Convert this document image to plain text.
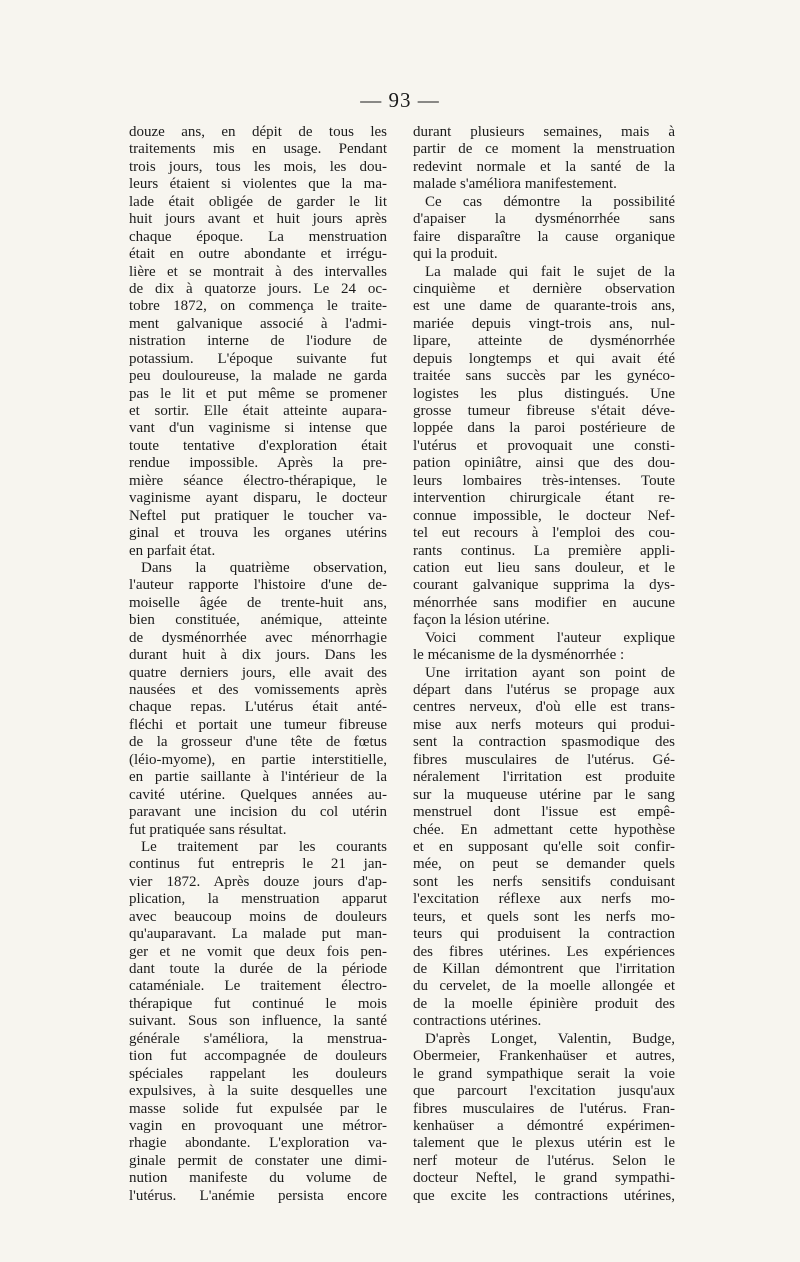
— 93 —
douze ans, en dépit de tous les
traitements mis en usage. Pendant
trois jours, tous les mois, les dou-
leurs étaient si violentes que la ma-
lade était obligée de garder le lit
huit jours avant et huit jours après
chaque époque. La menstruation
était en outre abondante et irrégu-
lière et se montrait à des intervalles
de dix à quatorze jours. Le 24 oc-
tobre 1872, on commença le traite-
ment galvanique associé à l'admi-
nistration interne de l'iodure de
potassium. L'époque suivante fut
peu douloureuse, la malade ne garda
pas le lit et put même se promener
et sortir. Elle était atteinte aupara-
vant d'un vaginisme si intense que
toute tentative d'exploration était
rendue impossible. Après la pre-
mière séance électro-thérapique, le
vaginisme ayant disparu, le docteur
Neftel put pratiquer le toucher va-
ginal et trouva les organes utérins
en parfait état.
Dans la quatrième observation,
l'auteur rapporte l'histoire d'une de-
moiselle âgée de trente-huit ans,
bien constituée, anémique, atteinte
de dysménorrhée avec ménorrhagie
durant huit à dix jours. Dans les
quatre derniers jours, elle avait des
nausées et des vomissements après
chaque repas. L'utérus était anté-
fléchi et portait une tumeur fibreuse
de la grosseur d'une tête de fœtus
(léio-myome), en partie interstitielle,
en partie saillante à l'intérieur de la
cavité utérine. Quelques années au-
paravant une incision du col utérin
fut pratiquée sans résultat.
Le traitement par les courants
continus fut entrepris le 21 jan-
vier 1872. Après douze jours d'ap-
plication, la menstruation apparut
avec beaucoup moins de douleurs
qu'auparavant. La malade put man-
ger et ne vomit que deux fois pen-
dant toute la durée de la période
cataméniale. Le traitement électro-
thérapique fut continué le mois
suivant. Sous son influence, la santé
générale s'améliora, la menstrua-
tion fut accompagnée de douleurs
spéciales rappelant les douleurs
expulsives, à la suite desquelles une
masse solide fut expulsée par le
vagin en provoquant une métror-
rhagie abondante. L'exploration va-
ginale permit de constater une dimi-
nution manifeste du volume de
l'utérus. L'anémie persista encore
durant plusieurs semaines, mais à
partir de ce moment la menstruation
redevint normale et la santé de la
malade s'améliora manifestement.
Ce cas démontre la possibilité
d'apaiser la dysménorrhée sans
faire disparaître la cause organique
qui la produit.
La malade qui fait le sujet de la
cinquième et dernière observation
est une dame de quarante-trois ans,
mariée depuis vingt-trois ans, nul-
lipare, atteinte de dysménorrhée
depuis longtemps et qui avait été
traitée sans succès par les gynéco-
logistes les plus distingués. Une
grosse tumeur fibreuse s'était déve-
loppée dans la paroi postérieure de
l'utérus et provoquait une consti-
pation opiniâtre, ainsi que des dou-
leurs lombaires très-intenses. Toute
intervention chirurgicale étant re-
connue impossible, le docteur Nef-
tel eut recours à l'emploi des cou-
rants continus. La première appli-
cation eut lieu sans douleur, et le
courant galvanique supprima la dys-
ménorrhée sans modifier en aucune
façon la lésion utérine.
Voici comment l'auteur explique
le mécanisme de la dysménorrhée :
Une irritation ayant son point de
départ dans l'utérus se propage aux
centres nerveux, d'où elle est trans-
mise aux nerfs moteurs qui produi-
sent la contraction spasmodique des
fibres musculaires de l'utérus. Gé-
néralement l'irritation est produite
sur la muqueuse utérine par le sang
menstruel dont l'issue est empê-
chée. En admettant cette hypothèse
et en supposant qu'elle soit confir-
mée, on peut se demander quels
sont les nerfs sensitifs conduisant
l'excitation réflexe aux nerfs mo-
teurs, et quels sont les nerfs mo-
teurs qui produisent la contraction
des fibres utérines. Les expériences
de Killan démontrent que l'irritation
du cervelet, de la moelle allongée et
de la moelle épinière produit des
contractions utérines.
D'après Longet, Valentin, Budge,
Obermeier, Frankenhaüser et autres,
le grand sympathique serait la voie
que parcourt l'excitation jusqu'aux
fibres musculaires de l'utérus. Fran-
kenhaüser a démontré expérimen-
talement que le plexus utérin est le
nerf moteur de l'utérus. Selon le
docteur Neftel, le grand sympathi-
que excite les contractions utérines,
